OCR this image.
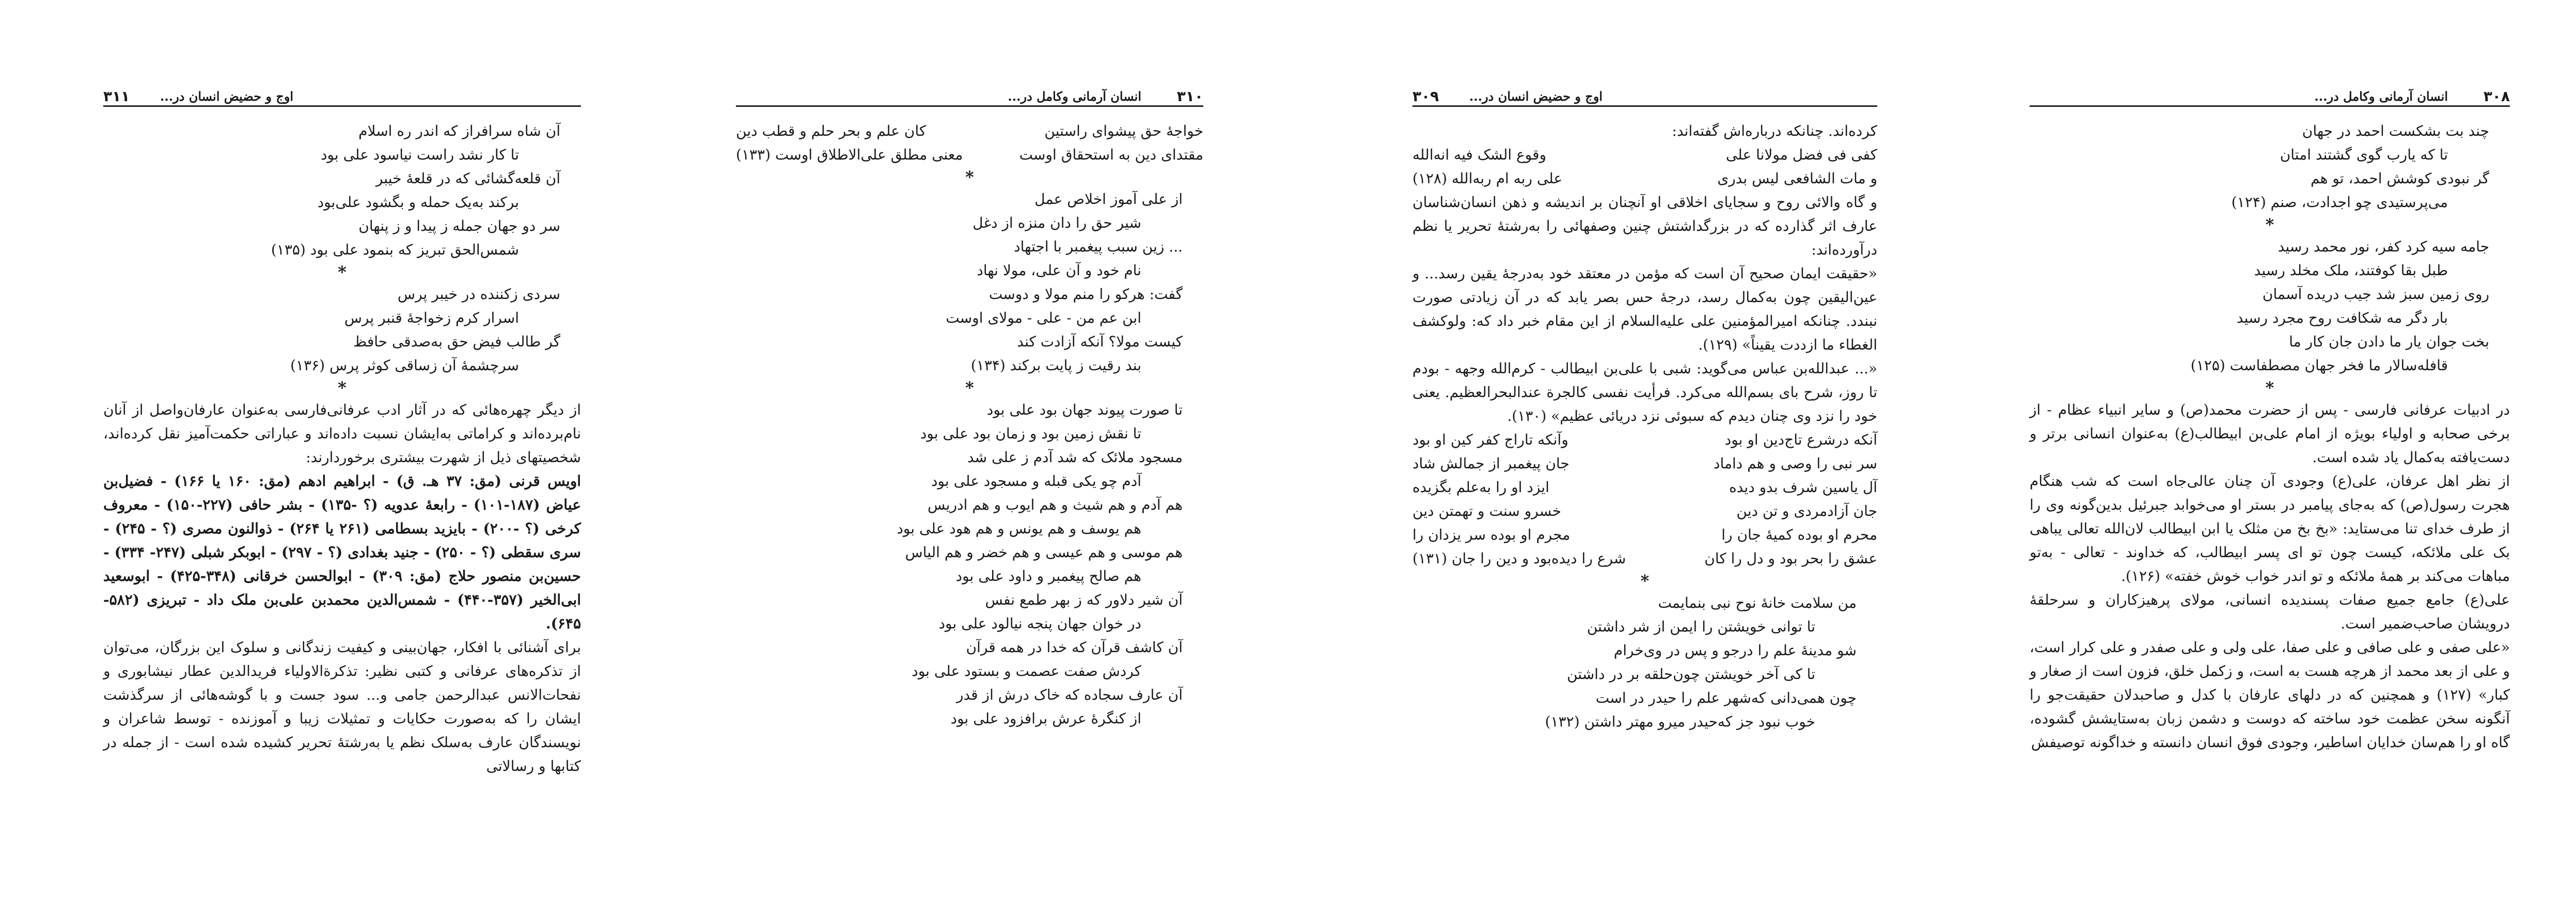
۳۱۱ اوج و حضیض انسان در...
آن شاه سرافراز که اندر ره اسلام
تا کار نشد راست نیاسود علی بود
آن قلعه‌گشائی که در قلعهٔ خیبر
برکند به‌یک حمله و بگشود علی‌بود
سر دو جهان جمله ز پیدا و ز پنهان
شمس‌الحق تبریز که بنمود علی بود (۱۳۵)
*
سردی زکننده در خیبر پرس
اسرار کرم زخواجهٔ قنبر پرس
گر طالب فیض حق به‌صدقی حافظ
سرچشمهٔ آن زساقی کوثر پرس (۱۳۶)
*
از دیگر چهره‌هائی که در آثار ادب عرفانی‌فارسی به‌عنوان عارفان‌واصل از آنان نام‌برده‌اند و کراماتی به‌ایشان نسبت داده‌اند و عباراتی حکمت‌آمیز نقل کرده‌اند، شخصیتهای ذیل از شهرت بیشتری برخوردارند:
اویس قرنی (مق: ۳۷ هـ. ق) - ابراهیم ادهم (مق: ۱۶۰ یا ۱۶۶) - فضیل‌بن عیاض (۱۸۷-۱۰۱) - رابعهٔ عدویه (؟ -۱۳۵) - بشر حافی (۲۲۷-۱۵۰) - معروف کرخی (؟ -۲۰۰) - بایزید بسطامی (۲۶۱ یا ۲۶۴) - ذوالنون مصری (؟ - ۲۴۵) - سری سقطی (؟ - ۲۵۰) - جنید بغدادی (؟ - ۲۹۷) - ابوبکر شبلی (۲۴۷- ۳۳۴) - حسین‌بن منصور حلاج (مق: ۳۰۹) - ابوالحسن خرقانی (۳۴۸-۴۲۵) - ابوسعید ابی‌الخیر (۳۵۷-۴۴۰) - شمس‌الدین محمدبن علی‌بن ملک داد - تبریزی (۵۸۲- ۶۴۵).
برای آشنائی با افکار، جهان‌بینی و کیفیت زندگانی و سلوک این بزرگان، می‌توان از تذکره‌های عرفانی و کتبی نظیر: تذکرة‌الاولیاء فریدالدین عطار نیشابوری و نفحات‌الانس عبدالرحمن جامی و... سود جست و با گوشه‌هائی از سرگذشت ایشان را که به‌صورت حکایات و تمثیلات زیبا و آموزنده - توسط شاعران و نویسندگان عارف به‌سلک نظم یا به‌رشتهٔ تحریر کشیده شده است - از جمله در کتابها و رسالاتی
۳۱۰
انسان آرمانی وکامل در...
خواجهٔ حق پیشوای راستین
کان علم و بحر حلم و قطب دین
مقتدای دین به استحقاق اوست
معنی مطلق علی‌الاطلاق اوست (۱۳۳)
*
از علی آموز اخلاص عمل
شیر حق را دان منزه از دغل
... زین سبب پیغمبر با اجتهاد
نام خود و آن علی، مولا نهاد
گفت: هرکو را منم مولا و دوست
ابن عم من - علی - مولای اوست
کیست مولا؟ آنکه آزادت کند
بند رقیت ز پایت برکند (۱۳۴)
*
تا صورت پیوند جهان بود علی بود
تا نقش زمین بود و زمان بود علی بود
مسجود ملائک که شد آدم ز علی شد
آدم چو یکی قبله و مسجود علی بود
هم آدم و هم شیث و هم ایوب و هم ادریس
هم یوسف و هم یونس و هم هود علی بود
هم موسی و هم عیسی و هم خضر و هم الیاس
هم صالح پیغمبر و داود علی بود
آن شیر دلاور که ز بهر طمع نفس
در خوان جهان پنجه نیالود علی بود
آن کاشف قرآن که خدا در همه قرآن
کردش صفت عصمت و بستود علی بود
آن عارف سجاده که خاک درش از قدر
از کنگرهٔ عرش برافزود علی بود
۳۰۹ اوج و حضیض انسان در...
کرده‌اند. چنانکه درباره‌اش گفته‌اند:
کفی فی فضل مولانا علی
وقوع الشک فیه انه‌الله
و مات الشافعی لیس بدری
علی ربه ام ربه‌الله (۱۲۸)
و گاه والائی روح و سجایای اخلاقی او آنچنان بر اندیشه و ذهن انسان‌شناسان عارف اثر گذارده که در بزرگداشتش چنین وصفهائی را به‌رشتهٔ تحریر یا نظم درآورده‌اند:
«حقیقت ایمان صحیح آن است که مؤمن در معتقد خود به‌درجهٔ یقین رسد... و عین‌الیقین چون به‌کمال رسد، درجهٔ حس بصر یابد که در آن زیادتی صورت نبندد. چنانکه امیرالمؤمنین علی علیه‌السلام از این مقام خبر داد که: ولوکشف الغطاء ما ازددت یقیناً» (۱۲۹).
«... عبدالله‌بن عباس می‌گوید: شبی با علی‌بن ابیطالب - کرم‌الله وجهه - بودم تا روز، شرح بای بسم‌الله می‌کرد. فرأیت نفسی کالجرة عندالبحرالعظیم. یعنی خود را نزد وی چنان دیدم که سبوئی نزد دریائی عظیم» (۱۳۰).
آنکه درشرع تاج‌دین او بود
وآنکه تاراج کفر کین او بود
سر نبی را وصی و هم داماد
جان پیغمبر از جمالش شاد
آل یاسین شرف بدو دیده
ایزد او را به‌علم بگزیده
جان آزادمردی و تن دین
خسرو سنت و تهمتن دین
محرم او بوده کمیهٔ جان را
مجرم او بوده سر یزدان را
عشق را بحر بود و دل را کان
شرع را دیده‌بود و دین را جان (۱۳۱)
*
من سلامت خانهٔ نوح نبی بنمایمت
تا توانی خویشتن را ایمن از شر داشتن
شو مدینهٔ علم را درجو و پس در وی‌خرام
تا کی آخر خویشتن چون‌حلقه بر در داشتن
چون همی‌دانی که‌شهر علم را حیدر در است
خوب نبود جز که‌حیدر میرو مهتر داشتن (۱۳۲)
۳۰۸
انسان آرمانی وکامل در...
چند بت بشکست احمد در جهان
تا که یارب گوی گشتند امتان
گر نبودی کوشش احمد، تو هم
می‌پرستیدی چو اجدادت، صنم (۱۲۴)
*
جامه سیه کرد کفر، نور محمد رسید
طبل بقا کوفتند، ملک مخلد رسید
روی زمین سبز شد جیب دریده آسمان
بار دگر مه شکافت روح مجرد رسید
بخت جوان یار ما دادن جان کار ما
قافله‌سالار ما فخر جهان مصطفاست (۱۲۵)
*
در ادبیات عرفانی فارسی - پس از حضرت محمد(ص) و سایر انبیاء عظام - از برخی صحابه و اولیاء بویژه از امام علی‌بن ابیطالب(ع) به‌عنوان انسانی برتر و دست‌یافته به‌کمال یاد شده است.
از نظر اهل عرفان، علی(ع) وجودی آن چنان عالی‌جاه است که شب هنگام هجرت رسول(ص) که به‌جای پیامبر در بستر او می‌خوابد جبرئیل بدین‌گونه وی را از طرف خدای تنا می‌ستاید: «بخ بخ من مثلک یا ابن ابیطالب لان‌الله تعالی یباهی بک علی ملائکه، کیست چون تو ای پسر ابیطالب، که خداوند - تعالی - به‌تو مباهات می‌کند بر همهٔ ملائکه و تو اندر خواب خوش خفته» (۱۲۶).
علی(ع) جامع جمیع صفات پسندیده انسانی، مولای پرهیزکاران و سرحلقهٔ درویشان صاحب‌ضمیر است.
«علی صفی و علی صافی و علی صفا، علی ولی و علی صفدر و علی کرار است، و علی از بعد محمد از هرچه هست به است، و زکمل خلق، فزون است از صغار و کبار» (۱۲۷) و همچنین که در دلهای عارفان با کدل و صاحبدلان حقیقت‌جو را آنگونه سخن عظمت خود ساخته که دوست و دشمن زبان به‌ستایشش گشوده، گاه او را هم‌سان خدایان اساطیر، وجودی فوق انسان دانسته و خداگونه توصیفش
